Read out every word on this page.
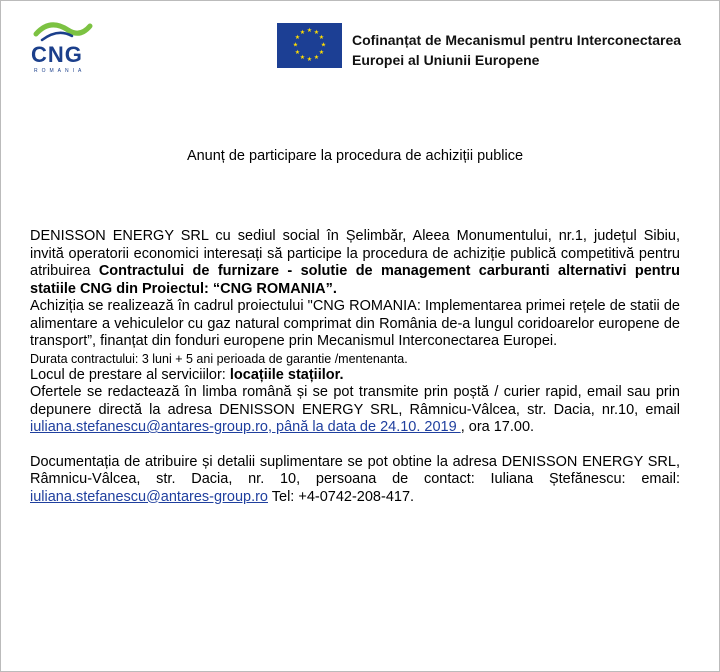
CNG
ROMANIA
★ ★
★
★
★
★
★
★
★
★
★
★	Cofinanțat de Mecanismul pentru Interconectarea
Europei al Uniunii Europene
Anunț de participare la procedura de achiziții publice

DENISSON ENERGY SRL cu sediul social în Șelimbăr, Aleea Monumentului, nr.1, județul Sibiu, invită operatorii economici interesați să participe la procedura de achiziție publică competitivă pentru atribuirea Contractului de furnizare - solutie de management carburanti alternativi pentru statiile CNG din Proiectul: “CNG ROMANIA”.

Achiziția se realizează în cadrul proiectului "CNG ROMANIA: Implementarea primei rețele de statii de alimentare a vehiculelor cu gaz natural comprimat din România de-a lungul coridoarelor europene de transport”, finanțat din fonduri europene prin Mecanismul Interconectarea Europei.

Durata contractului: 3 luni + 5 ani perioada de garantie /mentenanta.

Locul de prestare al serviciilor: locațiile stațiilor.

Ofertele se redactează în limba română și se pot transmite prin poștă / curier rapid, email sau prin depunere directă la adresa DENISSON ENERGY SRL, Râmnicu-Vâlcea, str. Dacia, nr.10, email iuliana.stefanescu@antares-group.ro, până la data de 24.10. 2019 , ora 17.00.

Documentația de atribuire și detalii suplimentare se pot obtine la adresa DENISSON ENERGY SRL, Râmnicu-Vâlcea, str. Dacia, nr. 10, persoana de contact: Iuliana Ștefănescu: email: iuliana.stefanescu@antares-group.ro Tel: +4-0742-208-417.
